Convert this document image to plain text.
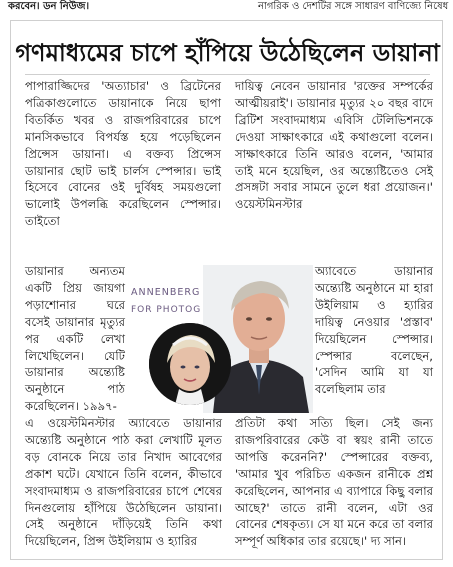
করবেন। ডন নিউজ।	নাগরিক ও দেশটির সঙ্গে সাধারণ বাণিজ্যে নিষেধ
গণমাধ্যমের চাপে হাঁপিয়ে উঠেছিলেন ডায়ানা
পাপারাজ্জিদের 'অত্যাচার' ও ব্রিটেনের পত্রিকাগুলোতে ডায়ানাকে নিয়ে ছাপা বিতর্কিত খবর ও রাজপরিবারের চাপে মানসিকভাবে বিপর্যস্ত হয়ে পড়েছিলেন প্রিন্সেস ডায়ানা। এ বক্তব্য প্রিন্সেস ডায়ানার ছোট ভাই চার্লস স্পেন্সার। ভাই হিসেবে বোনের ওই দুর্বিষহ সময়গুলো ভালোই উপলব্ধি করেছিলেন স্পেন্সার। তাইতো
ডায়ানার অন্যতম একটি প্রিয় জায়গা পড়াশোনার ঘরে বসেই ডায়ানার মৃত্যুর পর একটি লেখা লিখেছিলেন। যেটি ডায়ানার অন্ত্যেষ্টি অনুষ্ঠানে পাঠ করেছিলেন। ১৯৯৭-
এ ওয়েস্টমিনস্টার অ্যাবেতে ডায়ানার অন্ত্যেষ্টি অনুষ্ঠানে পাঠ করা লেখাটি মূলত বড় বোনকে নিয়ে তার নিখাদ আবেগের প্রকাশ ঘটে। যেখানে তিনি বলেন, কীভাবে সংবাদমাধ্যম ও রাজপরিবারের চাপে শেষের দিনগুলোয় হাঁপিয়ে উঠেছিলেন ডায়ানা। সেই অনুষ্ঠানে দাঁড়িয়েই তিনি কথা দিয়েছিলেন, প্রিন্স উইলিয়াম ও হ্যারির
দায়িত্ব নেবেন ডায়ানার 'রক্তের সম্পর্কের আত্মীয়রাই'। ডায়ানার মৃত্যুর ২০ বছর বাদে ব্রিটিশ সংবাদমাধ্যম এবিসি টেলিভিশনকে দেওয়া সাক্ষাৎকারে এই কথাগুলো বলেন। সাক্ষাৎকারে তিনি আরও বলেন, 'আমার তাই মনে হয়েছিল, ওর অন্ত্যেষ্টিতেও সেই প্রসঙ্গটা সবার সামনে তুলে ধরা প্রয়োজন।' ওয়েস্টমিনস্টার
অ্যাবেতে ডায়ানার অন্ত্যেষ্টি অনুষ্ঠানে মা হারা উইলিয়াম ও হ্যারির দায়িত্ব নেওয়ার 'প্রস্তাব' দিয়েছিলেন স্পেন্সার। স্পেন্সার বলেছেন, 'সেদিন আমি যা যা বলেছিলাম তার
প্রতিটা কথা সত্যি ছিল। সেই জন্য রাজপরিবারের কেউ বা স্বয়ং রানী তাতে আপত্তি করেননি?' স্পেন্সারের বক্তব্য, 'আমার খুব পরিচিত একজন রানীকে প্রশ্ন করেছিলেন, আপনার এ ব্যাপারে কিছু বলার আছে?' তাতে রানী বলেন, এটা ওর বোনের শেষকৃত্য। সে যা মনে করে তা বলার সম্পূর্ণ অধিকার তার রয়েছে।' দ্য সান।
ANNENBERG
FOR PHOTOG
